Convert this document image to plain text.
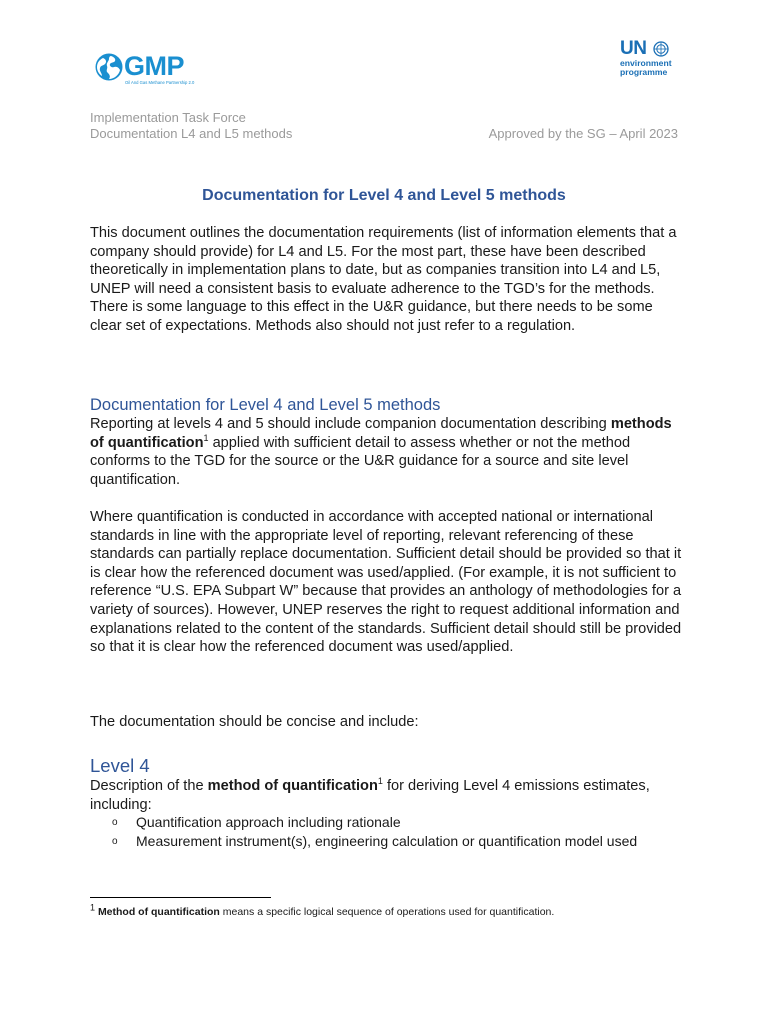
GMP
Oil And Gas Methane Partnership 2.0
UN
environment
programme
Implementation Task Force
Documentation L4 and L5 methods	Approved by the SG – April 2023
Documentation for Level 4 and Level 5 methods
This document outlines the documentation requirements (list of information elements that a company should provide) for L4 and L5. For the most part, these have been described theoretically in implementation plans to date, but as companies transition into L4 and L5, UNEP will need a consistent basis to evaluate adherence to the TGD’s for the methods. There is some language to this effect in the U&R guidance, but there needs to be some clear set of expectations. Methods also should not just refer to a regulation.
Documentation for Level 4 and Level 5 methods
Reporting at levels 4 and 5 should include companion documentation describing methods of quantification$^1$ applied with sufficient detail to assess whether or not the method conforms to the TGD for the source or the U&R guidance for a source and site level quantification.
Where quantification is conducted in accordance with accepted national or international standards in line with the appropriate level of reporting, relevant referencing of these standards can partially replace documentation. Sufficient detail should be provided so that it is clear how the referenced document was used/applied. (For example, it is not sufficient to reference “U.S. EPA Subpart W” because that provides an anthology of methodologies for a variety of sources). However, UNEP reserves the right to request additional information and explanations related to the content of the standards. Sufficient detail should still be provided so that it is clear how the referenced document was used/applied.
The documentation should be concise and include:
Level 4
Description of the method of quantification$^1$ for deriving Level 4 emissions estimates, including:
o	Quantification approach including rationale
o	Measurement instrument(s), engineering calculation or quantification model used
$^1$ Method of quantification means a specific logical sequence of operations used for quantification.
